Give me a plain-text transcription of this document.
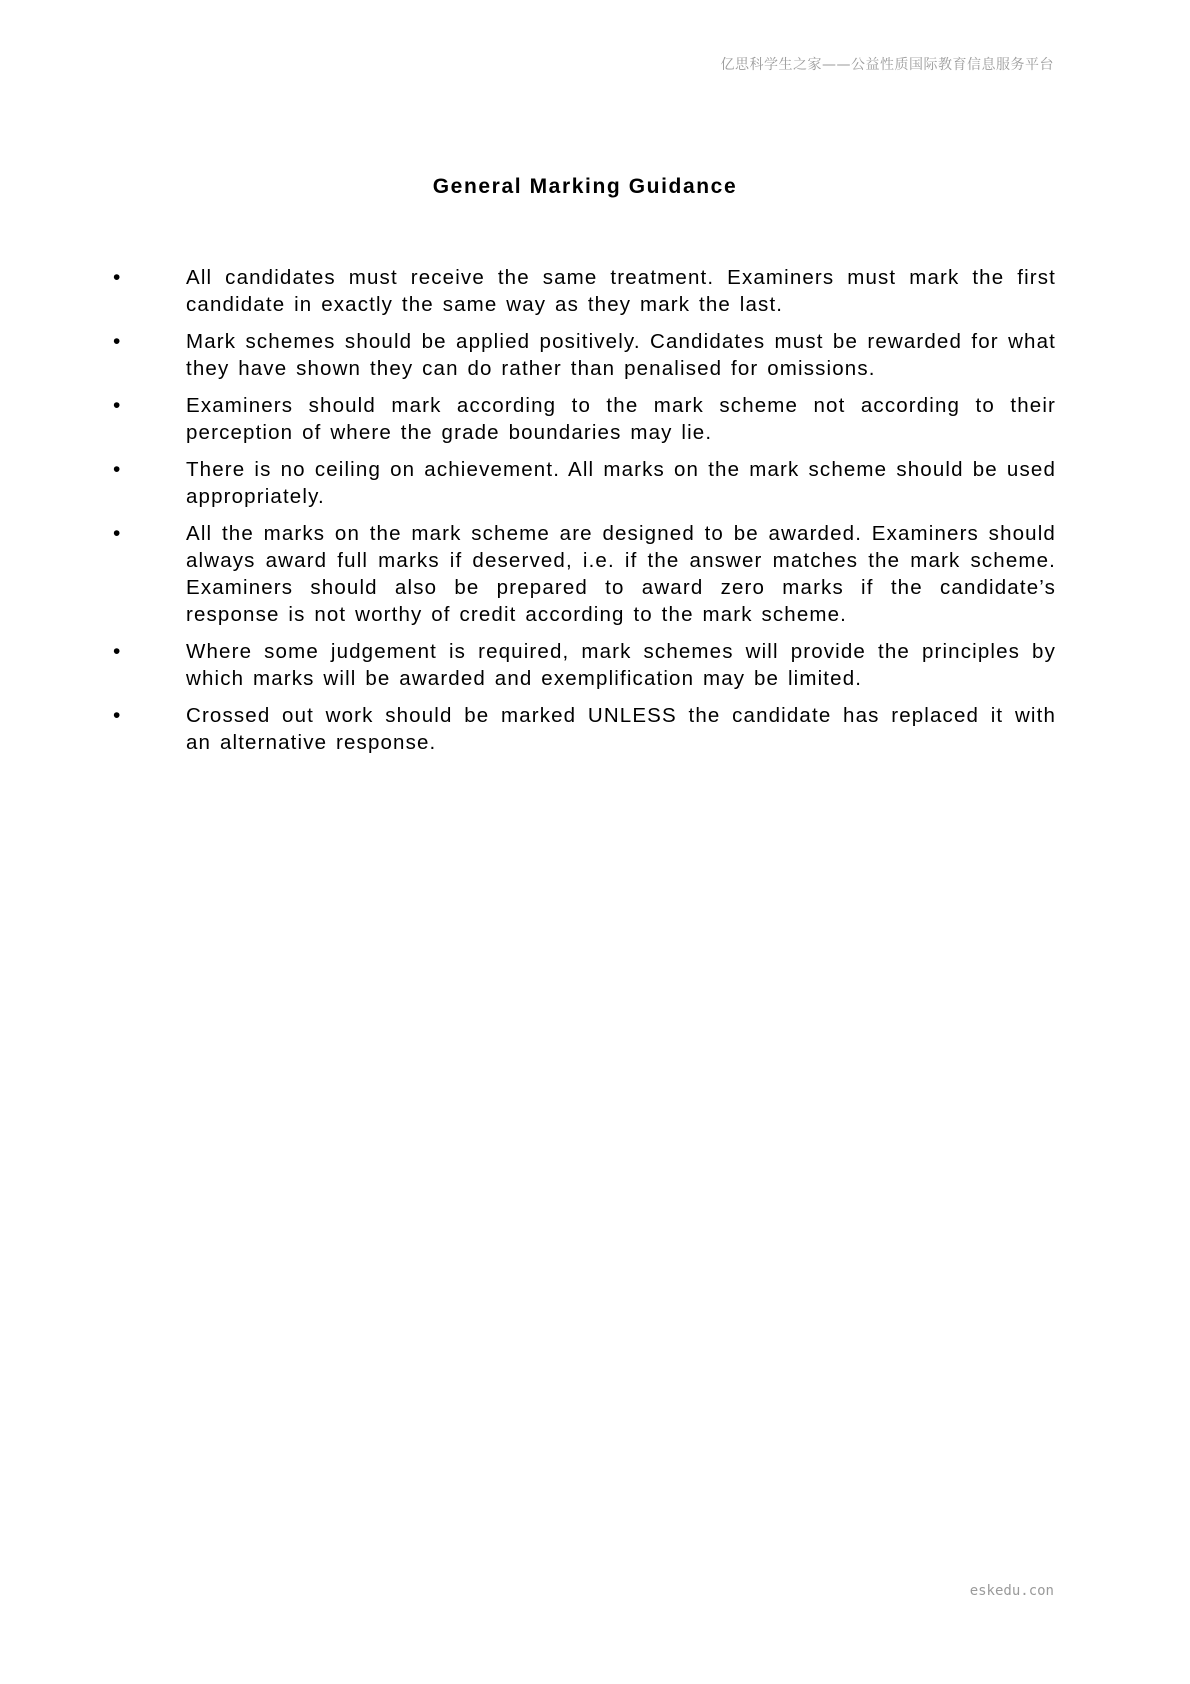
亿思科学生之家——公益性质国际教育信息服务平台
General Marking Guidance
•	All candidates must receive the same treatment. Examiners must mark the first candidate in exactly the same way as they mark the last.
•	Mark schemes should be applied positively. Candidates must be rewarded for what they have shown they can do rather than penalised for omissions.
•	Examiners should mark according to the mark scheme not according to their perception of where the grade boundaries may lie.
•	There is no ceiling on achievement. All marks on the mark scheme should be used appropriately.
•	All the marks on the mark scheme are designed to be awarded. Examiners should always award full marks if deserved, i.e. if the answer matches the mark scheme. Examiners should also be prepared to award zero marks if the candidate’s response is not worthy of credit according to the mark scheme.
•	Where some judgement is required, mark schemes will provide the principles by which marks will be awarded and exemplification may be limited.
•	Crossed out work should be marked UNLESS the candidate has replaced it with an alternative response.
eskedu.con
